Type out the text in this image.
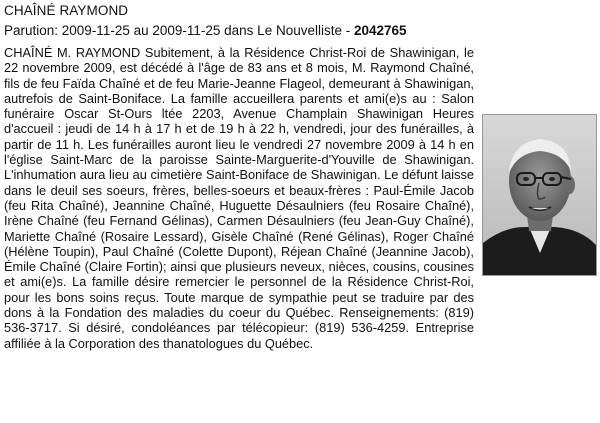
CHAÎNÉ RAYMOND
Parution: 2009-11-25 au 2009-11-25 dans Le Nouvelliste - 2042765
CHAÎNÉ M. RAYMOND Subitement, à la Résidence Christ-Roi de Shawinigan, le 22 novembre 2009, est décédé à l'âge de 83 ans et 8 mois, M. Raymond Chaîné, fils de feu Faïda Chaîné et de feu Marie-Jeanne Flageol, demeurant à Shawinigan, autrefois de Saint-Boniface. La famille accueillera parents et ami(e)s au : Salon funéraire Oscar St-Ours ltée 2203, Avenue Champlain Shawinigan Heures d'accueil : jeudi de 14 h à 17 h et de 19 h à 22 h, vendredi, jour des funérailles, à partir de 11 h. Les funérailles auront lieu le vendredi 27 novembre 2009 à 14 h en l'église Saint-Marc de la paroisse Sainte-Marguerite-d'Youville de Shawinigan. L'inhumation aura lieu au cimetière Saint-Boniface de Shawinigan. Le défunt laisse dans le deuil ses soeurs, frères, belles-soeurs et beaux-frères : Paul-Émile Jacob (feu Rita Chaîné), Jeannine Chaîné, Huguette Désaulniers (feu Rosaire Chaîné), Irène Chaîné (feu Fernand Gélinas), Carmen Désaulniers (feu Jean-Guy Chaîné), Mariette Chaîné (Rosaire Lessard), Gisèle Chaîné (René Gélinas), Roger Chaîné (Hélène Toupin), Paul Chaîné (Colette Dupont), Réjean Chaîné (Jeannine Jacob), Émile Chaîné (Claire Fortin); ainsi que plusieurs neveux, nièces, cousins, cousines et ami(e)s. La famille désire remercier le personnel de la Résidence Christ-Roi, pour les bons soins reçus. Toute marque de sympathie peut se traduire par des dons à la Fondation des maladies du coeur du Québec. Renseignements: (819) 536-3717. Si désiré, condoléances par télécopieur: (819) 536-4259. Entreprise affiliée à la Corporation des thanatologues du Québec.
